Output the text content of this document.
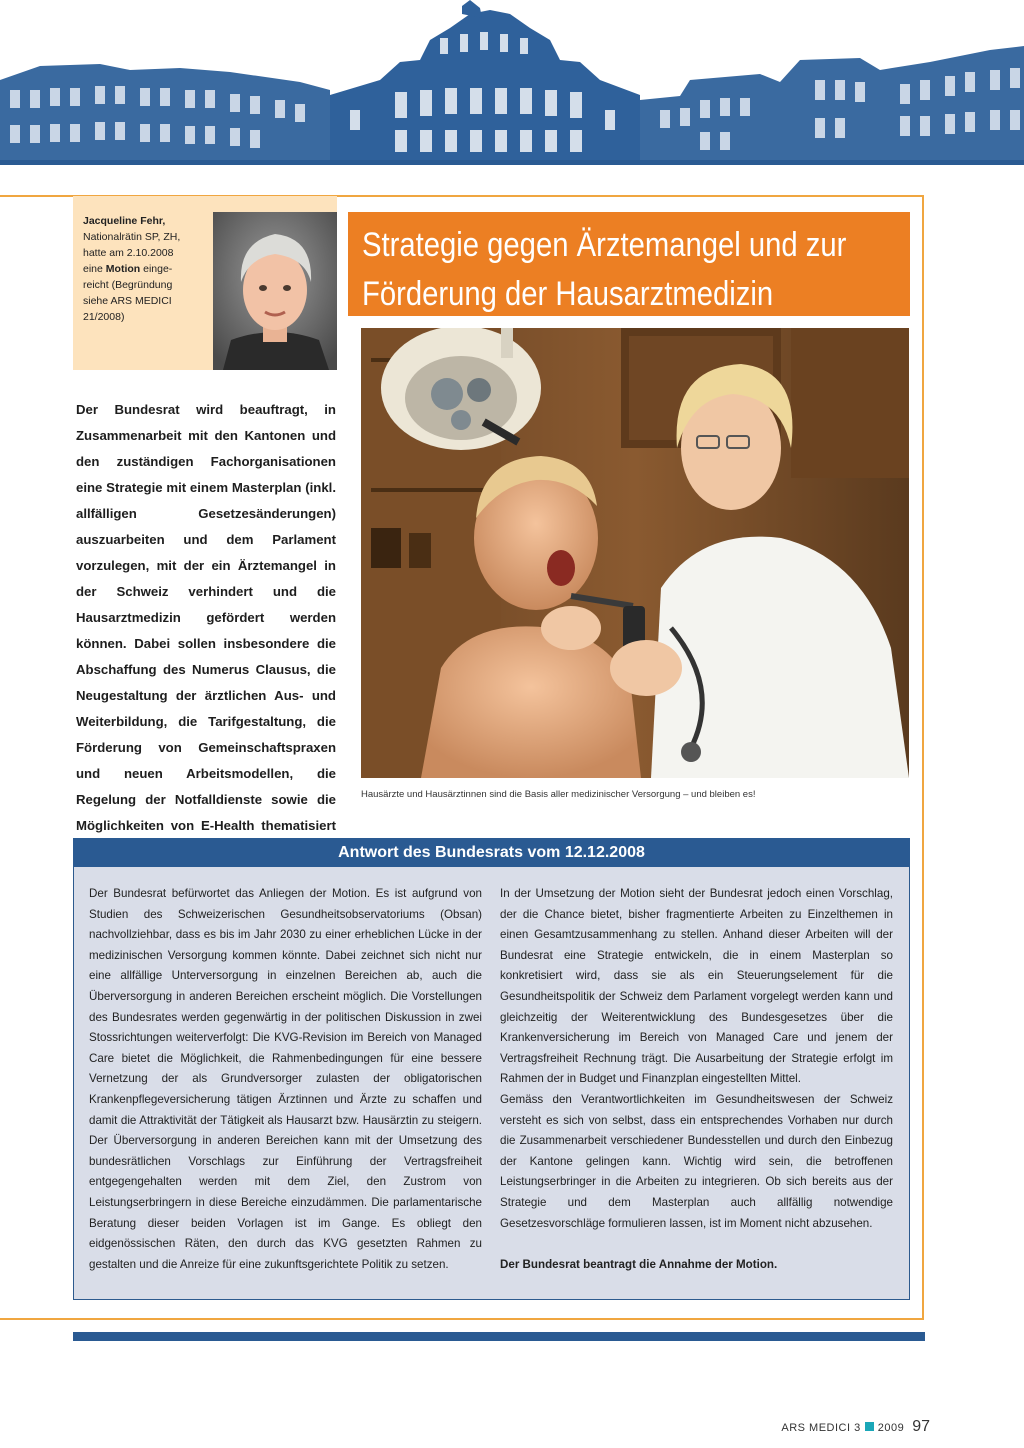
Jacqueline Fehr,
Nationalrätin SP, ZH,
hatte am 2.10.2008
eine Motion einge-
reicht (Begründung
siehe ARS MEDICI
21/2008)
Strategie gegen Ärztemangel und zur
Förderung der Hausarztmedizin
Hausärzte und Hausärztinnen sind die Basis aller medizinischer Versorgung – und bleiben es!
Der Bundesrat wird beauftragt, in Zusammenarbeit mit den Kantonen und den zuständigen Fachorganisationen eine Strategie mit einem Masterplan (inkl. allfälligen Gesetzesänderungen) auszuarbeiten und dem Parlament vorzulegen, mit der ein Ärztemangel in der Schweiz verhindert und die Hausarztmedizin gefördert werden können. Dabei sollen insbesondere die Abschaffung des Numerus Clausus, die Neugestaltung der ärztlichen Aus- und Weiterbildung, die Tarifgestaltung, die Förderung von Gemeinschaftspraxen und neuen Arbeitsmodellen, die Regelung der Notfalldienste sowie die Möglichkeiten von E-Health thematisiert
Antwort des Bundesrats vom 12.12.2008

Der Bundesrat befürwortet das Anliegen der Motion. Es ist aufgrund von Studien des Schweizerischen Gesundheitsobservatoriums (Obsan) nachvollziehbar, dass es bis im Jahr 2030 zu einer erheblichen Lücke in der medizinischen Versorgung kommen könnte. Dabei zeichnet sich nicht nur eine allfällige Unterversorgung in einzelnen Bereichen ab, auch die Überversorgung in anderen Bereichen erscheint möglich. Die Vorstellungen des Bundesrates werden gegenwärtig in der politischen Diskussion in zwei Stossrichtungen weiterverfolgt: Die KVG-Revision im Bereich von Managed Care bietet die Möglichkeit, die Rahmenbedingungen für eine bessere Vernetzung der als Grundversorger zulasten der obligatorischen Krankenpflegeversicherung tätigen Ärztinnen und Ärzte zu schaffen und damit die Attraktivität der Tätigkeit als Hausarzt bzw. Hausärztin zu steigern. Der Überversorgung in anderen Bereichen kann mit der Umsetzung des bundesrätlichen Vorschlags zur Einführung der Vertragsfreiheit entgegengehalten werden mit dem Ziel, den Zustrom von Leistungserbringern in diese Bereiche einzudämmen. Die parlamentarische Beratung dieser beiden Vorlagen ist im Gange. Es obliegt den eidgenössischen Räten, den durch das KVG gesetzten Rahmen zu gestalten und die Anreize für eine zukunftsgerichtete Politik zu setzen.

In der Umsetzung der Motion sieht der Bundesrat jedoch einen Vorschlag, der die Chance bietet, bisher fragmentierte Arbeiten zu Einzelthemen in einen Gesamtzusammenhang zu stellen. Anhand dieser Arbeiten will der Bundesrat eine Strategie entwickeln, die in einem Masterplan so konkretisiert wird, dass sie als ein Steuerungselement für die Gesundheitspolitik der Schweiz dem Parlament vorgelegt werden kann und gleichzeitig der Weiterentwicklung des Bundesgesetzes über die Krankenversicherung im Bereich von Managed Care und jenem der Vertragsfreiheit Rechnung trägt. Die Ausarbeitung der Strategie erfolgt im Rahmen der in Budget und Finanzplan eingestellten Mittel.

Gemäss den Verantwortlichkeiten im Gesundheitswesen der Schweiz versteht es sich von selbst, dass ein entsprechendes Vorhaben nur durch die Zusammenarbeit verschiedener Bundesstellen und durch den Einbezug der Kantone gelingen kann. Wichtig wird sein, die betroffenen Leistungserbringer in die Arbeiten zu integrieren. Ob sich bereits aus der Strategie und dem Masterplan auch allfällig notwendige Gesetzesvorschläge formulieren lassen, ist im Moment nicht abzusehen.

Der Bundesrat beantragt die Annahme der Motion.

ARS MEDICI 3 2009 97
